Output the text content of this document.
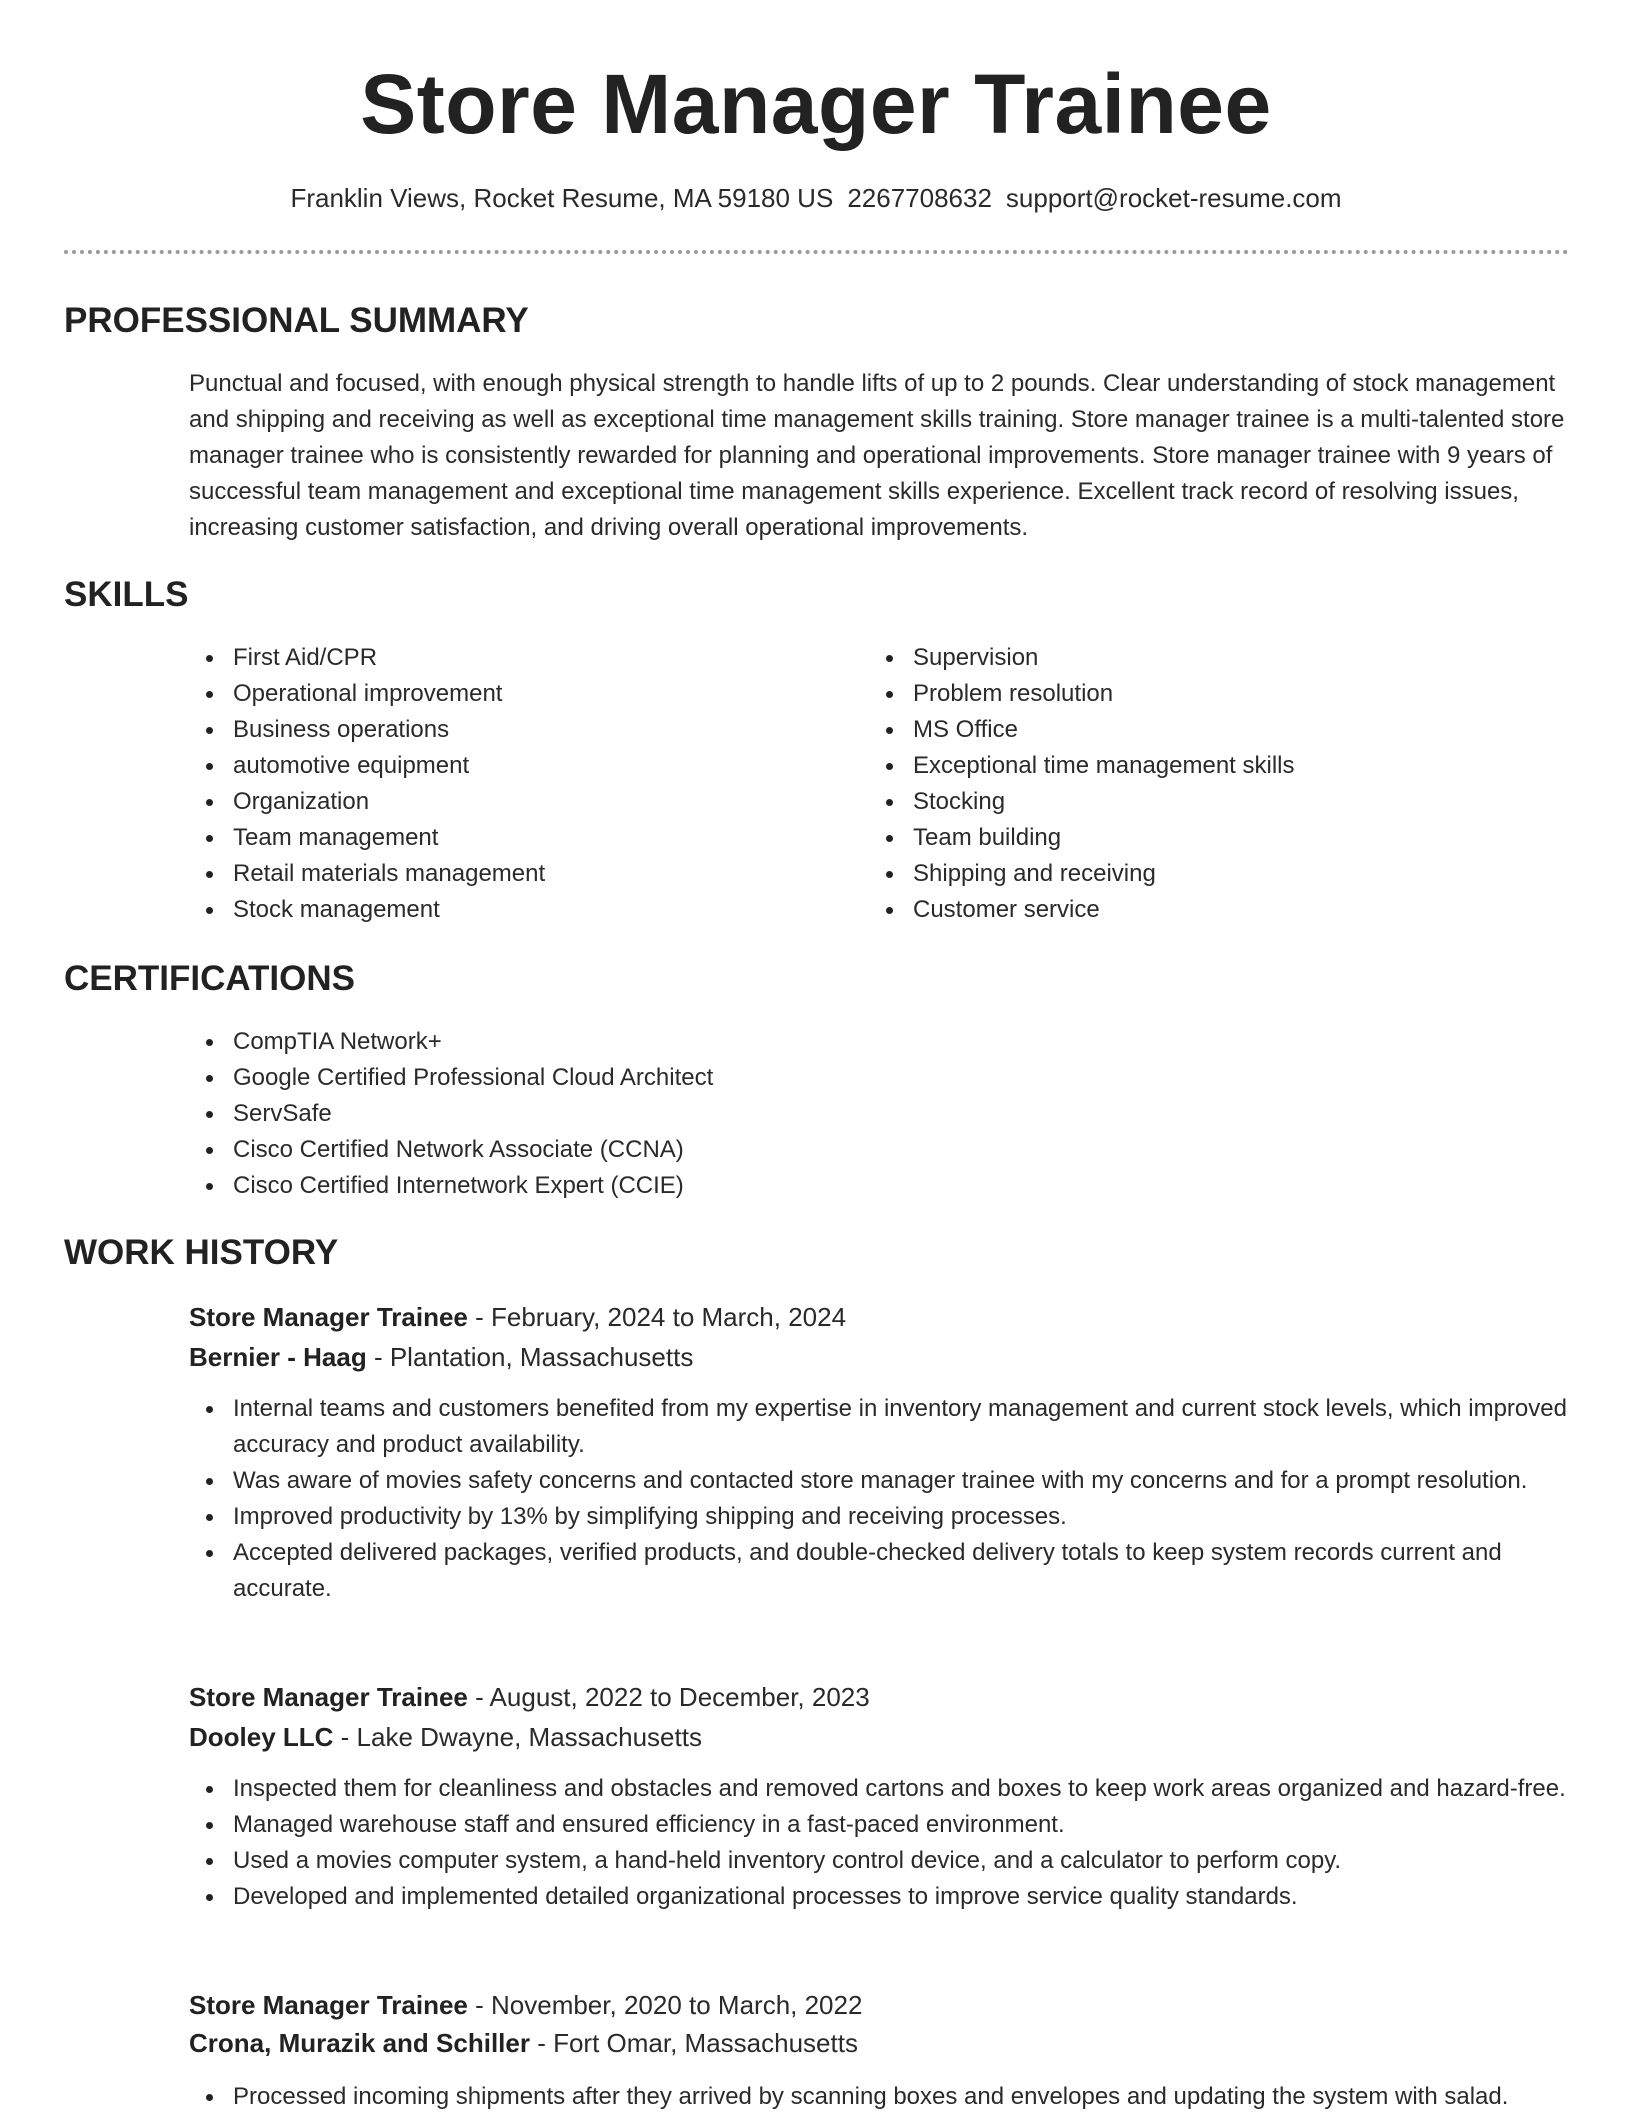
Store Manager Trainee
Franklin Views, Rocket Resume, MA 59180 US 2267708632 support@rocket-resume.com
PROFESSIONAL SUMMARY

Punctual and focused, with enough physical strength to handle lifts of up to 2 pounds. Clear understanding of stock management and shipping and receiving as well as exceptional time management skills training. Store manager trainee is a multi-talented store manager trainee who is consistently rewarded for planning and operational improvements. Store manager trainee with 9 years of successful team management and exceptional time management skills experience. Excellent track record of resolving issues, increasing customer satisfaction, and driving overall operational improvements.

SKILLS
First Aid/CPR
Operational improvement
Business operations
automotive equipment
Organization
Team management
Retail materials management
Stock management
Supervision
Problem resolution
MS Office
Exceptional time management skills
Stocking
Team building
Shipping and receiving
Customer service
CERTIFICATIONS
CompTIA Network+
Google Certified Professional Cloud Architect
ServSafe
Cisco Certified Network Associate (CCNA)
Cisco Certified Internetwork Expert (CCIE)
WORK HISTORY

Store Manager Trainee - February, 2024 to March, 2024

Bernier - Haag - Plantation, Massachusetts

Internal teams and customers benefited from my expertise in inventory management and current stock levels, which improved accuracy and product availability.
Was aware of movies safety concerns and contacted store manager trainee with my concerns and for a prompt resolution.
Improved productivity by 13% by simplifying shipping and receiving processes.
Accepted delivered packages, verified products, and double-checked delivery totals to keep system records current and accurate.

Store Manager Trainee - August, 2022 to December, 2023

Dooley LLC - Lake Dwayne, Massachusetts

Inspected them for cleanliness and obstacles and removed cartons and boxes to keep work areas organized and hazard-free.
Managed warehouse staff and ensured efficiency in a fast-paced environment.
Used a movies computer system, a hand-held inventory control device, and a calculator to perform copy.
Developed and implemented detailed organizational processes to improve service quality standards.

Store Manager Trainee - November, 2020 to March, 2022

Crona, Murazik and Schiller - Fort Omar, Massachusetts

Processed incoming shipments after they arrived by scanning boxes and envelopes and updating the system with salad.
